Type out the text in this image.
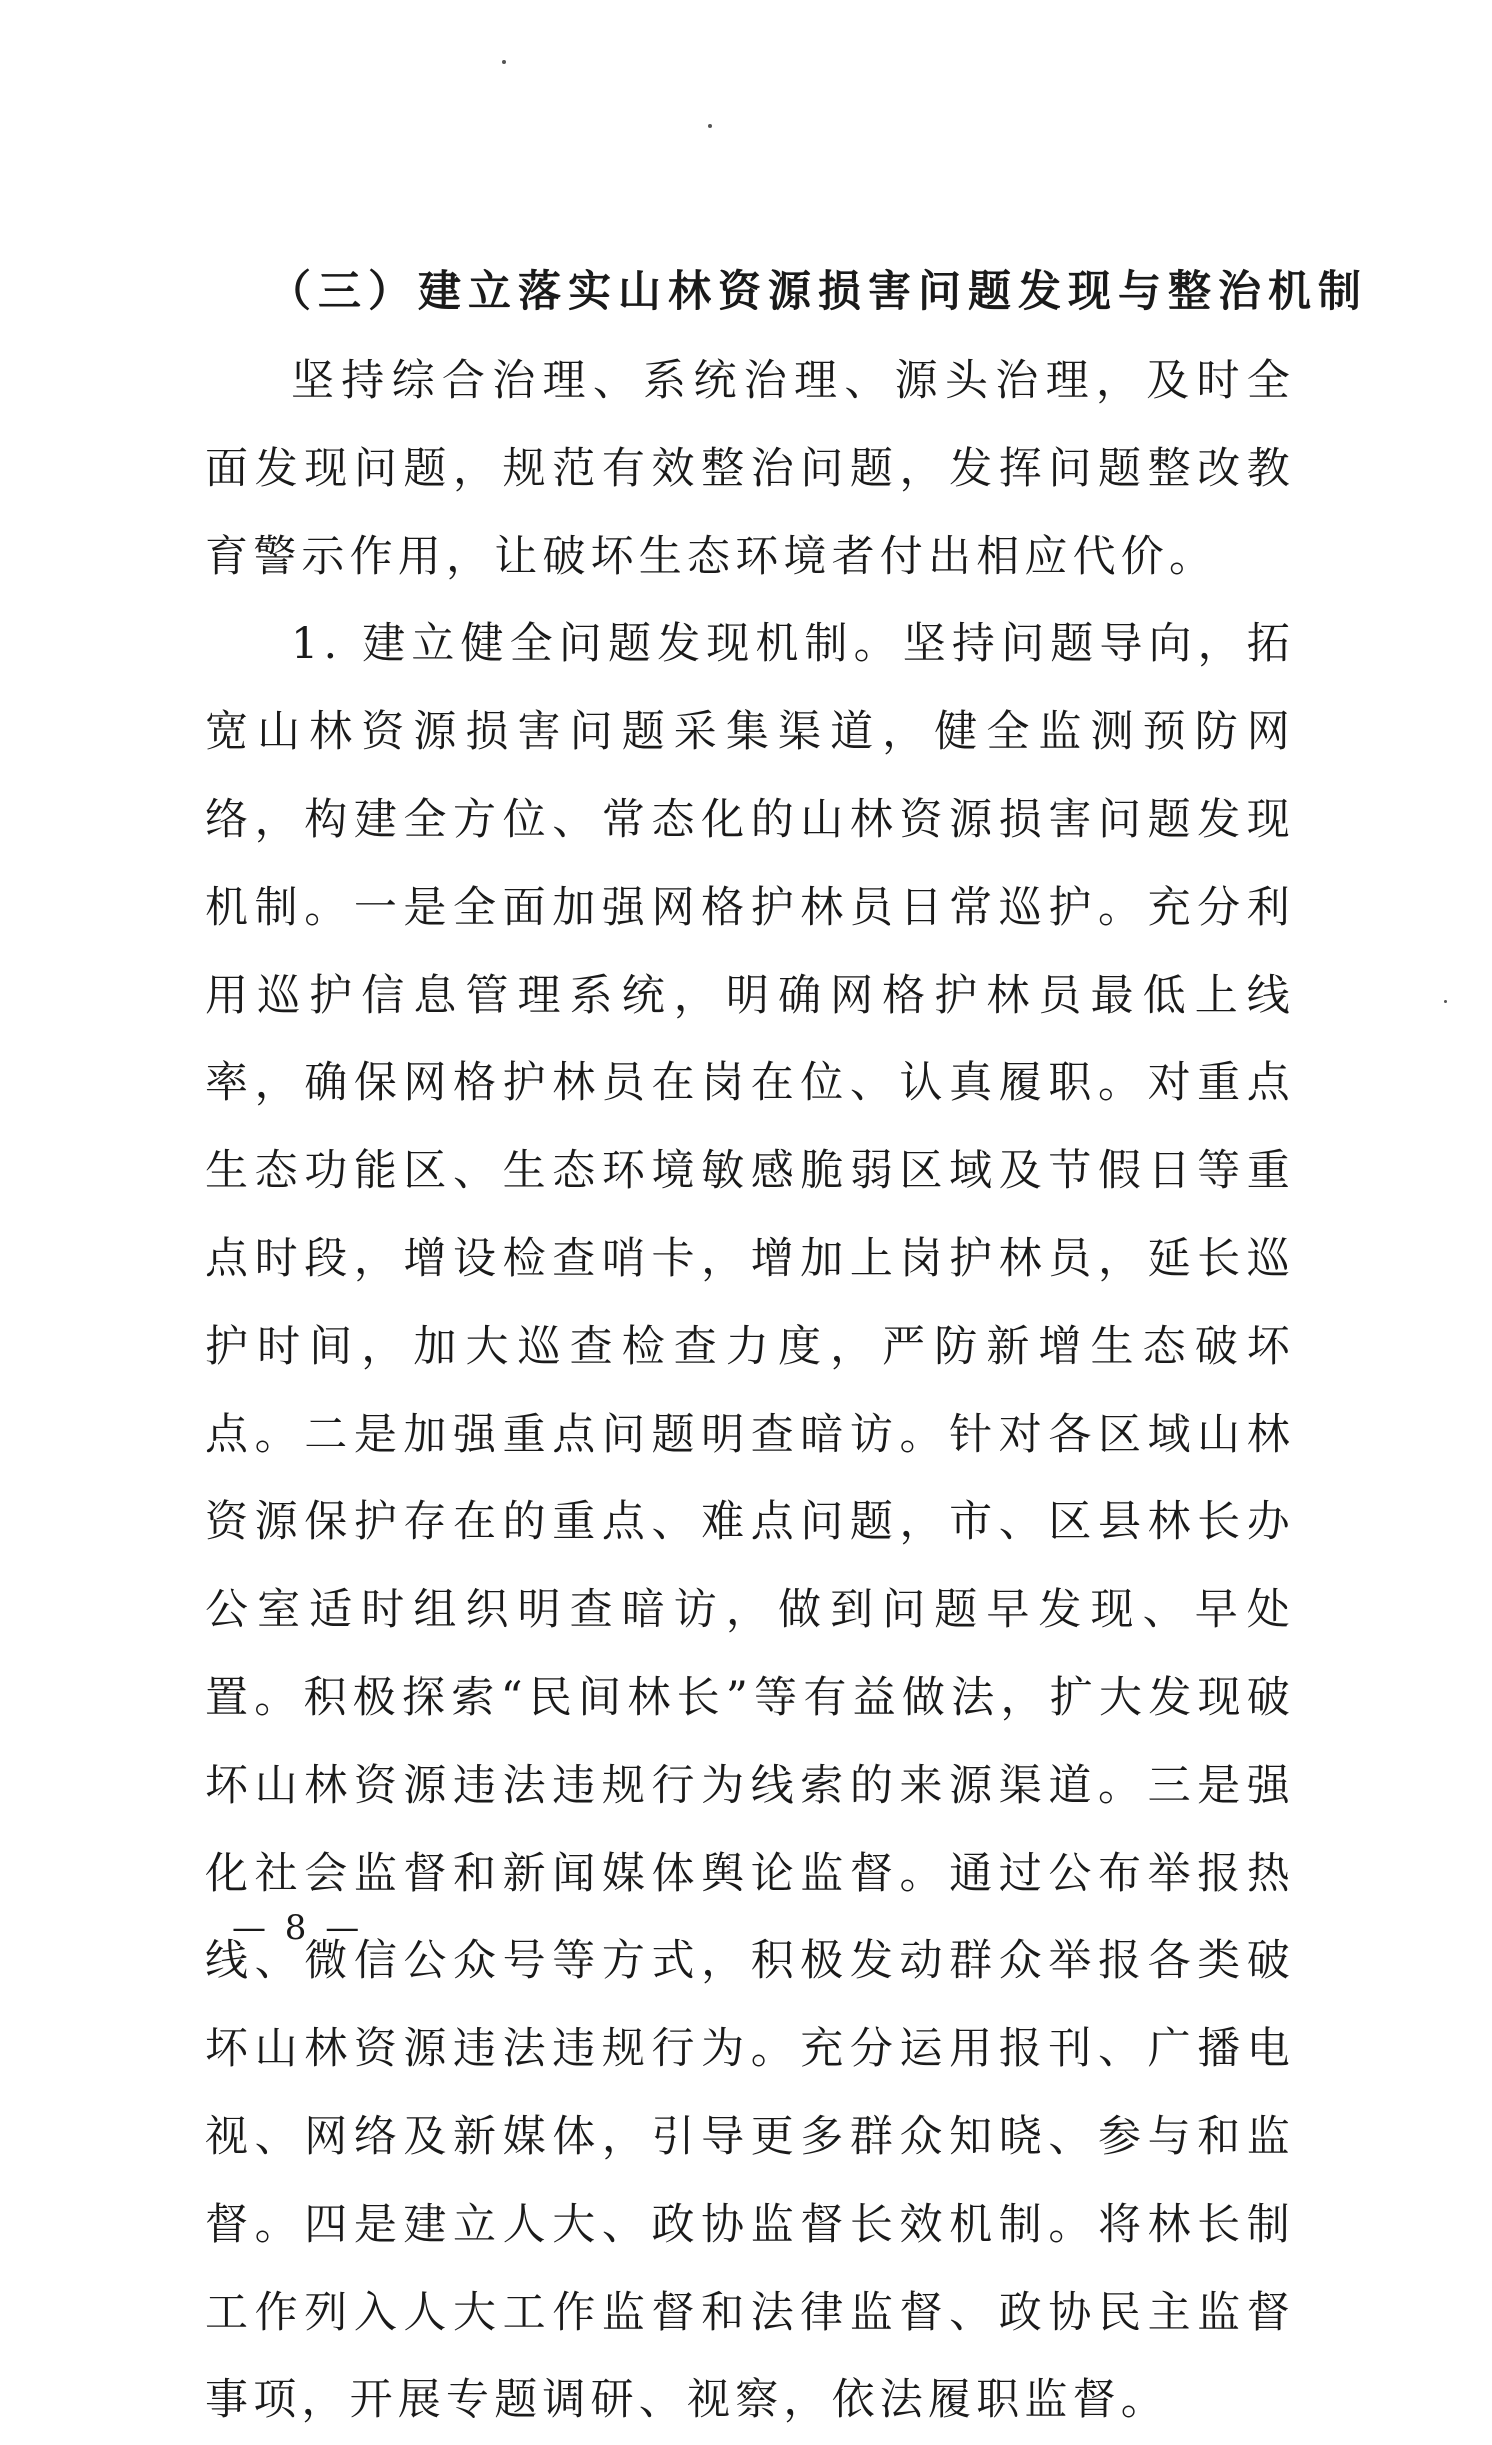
（三）建立落实山林资源损害问题发现与整治机制

坚持综合治理、系统治理、源头治理，及时全面发现问题，规范有效整治问题，发挥问题整改教育警示作用，让破坏生态环境者付出相应代价。

1. 建立健全问题发现机制。坚持问题导向，拓宽山林资源损害问题采集渠道，健全监测预防网络，构建全方位、常态化的山林资源损害问题发现机制。一是全面加强网格护林员日常巡护。充分利用巡护信息管理系统，明确网格护林员最低上线率，确保网格护林员在岗在位、认真履职。对重点生态功能区、生态环境敏感脆弱区域及节假日等重点时段，增设检查哨卡，增加上岗护林员，延长巡护时间，加大巡查检查力度，严防新增生态破坏点。二是加强重点问题明查暗访。针对各区域山林资源保护存在的重点、难点问题，市、区县林长办公室适时组织明查暗访，做到问题早发现、早处置。积极探索“民间林长”等有益做法，扩大发现破坏山林资源违法违规行为线索的来源渠道。三是强化社会监督和新闻媒体舆论监督。通过公布举报热线、微信公众号等方式，积极发动群众举报各类破坏山林资源违法违规行为。充分运用报刊、广播电视、网络及新媒体，引导更多群众知晓、参与和监督。四是建立人大、政协监督长效机制。将林长制工作列入人大工作监督和法律监督、政协民主监督事项，开展专题调研、视察，依法履职监督。

— 8 —
